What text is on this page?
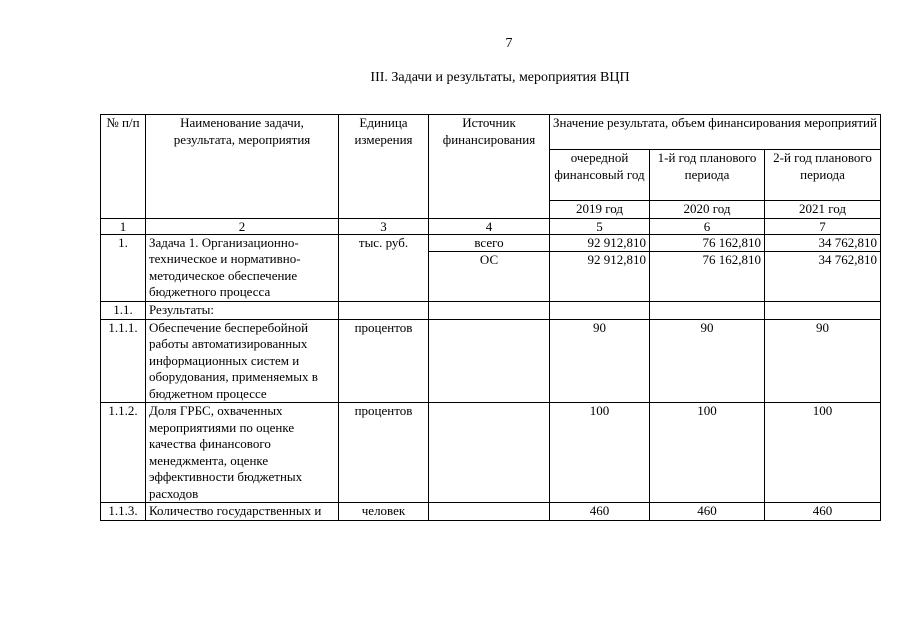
7
III. Задачи и результаты, мероприятия ВЦП
№ п/п	Наименование задачи, результата, мероприятия	Единица измерения	Источник финансирования	Значение результата, объем финансирования мероприятий		
				очередной финансовый год	1-й год планового периода	2-й год планового периода
				2019 год	2020 год	2021 год
1	2	3	4	5	6	7
1.	Задача 1. Организационно-техническое и нормативно-методическое обеспечение бюджетного процесса	тыс. руб.	всего	92 912,810	76 162,810	34 762,810
			ОС	92 912,810	76 162,810	34 762,810
1.1.	Результаты:					
1.1.1.	Обеспечение бесперебойной работы автоматизированных информационных систем и оборудования, применяемых в бюджетном процессе	процентов		90	90	90
1.1.2.	Доля ГРБС, охваченных мероприятиями по оценке качества финансового менеджмента, оценке эффективности бюджетных расходов	процентов		100	100	100
1.1.3.	Количество государственных и	человек		460	460	460
